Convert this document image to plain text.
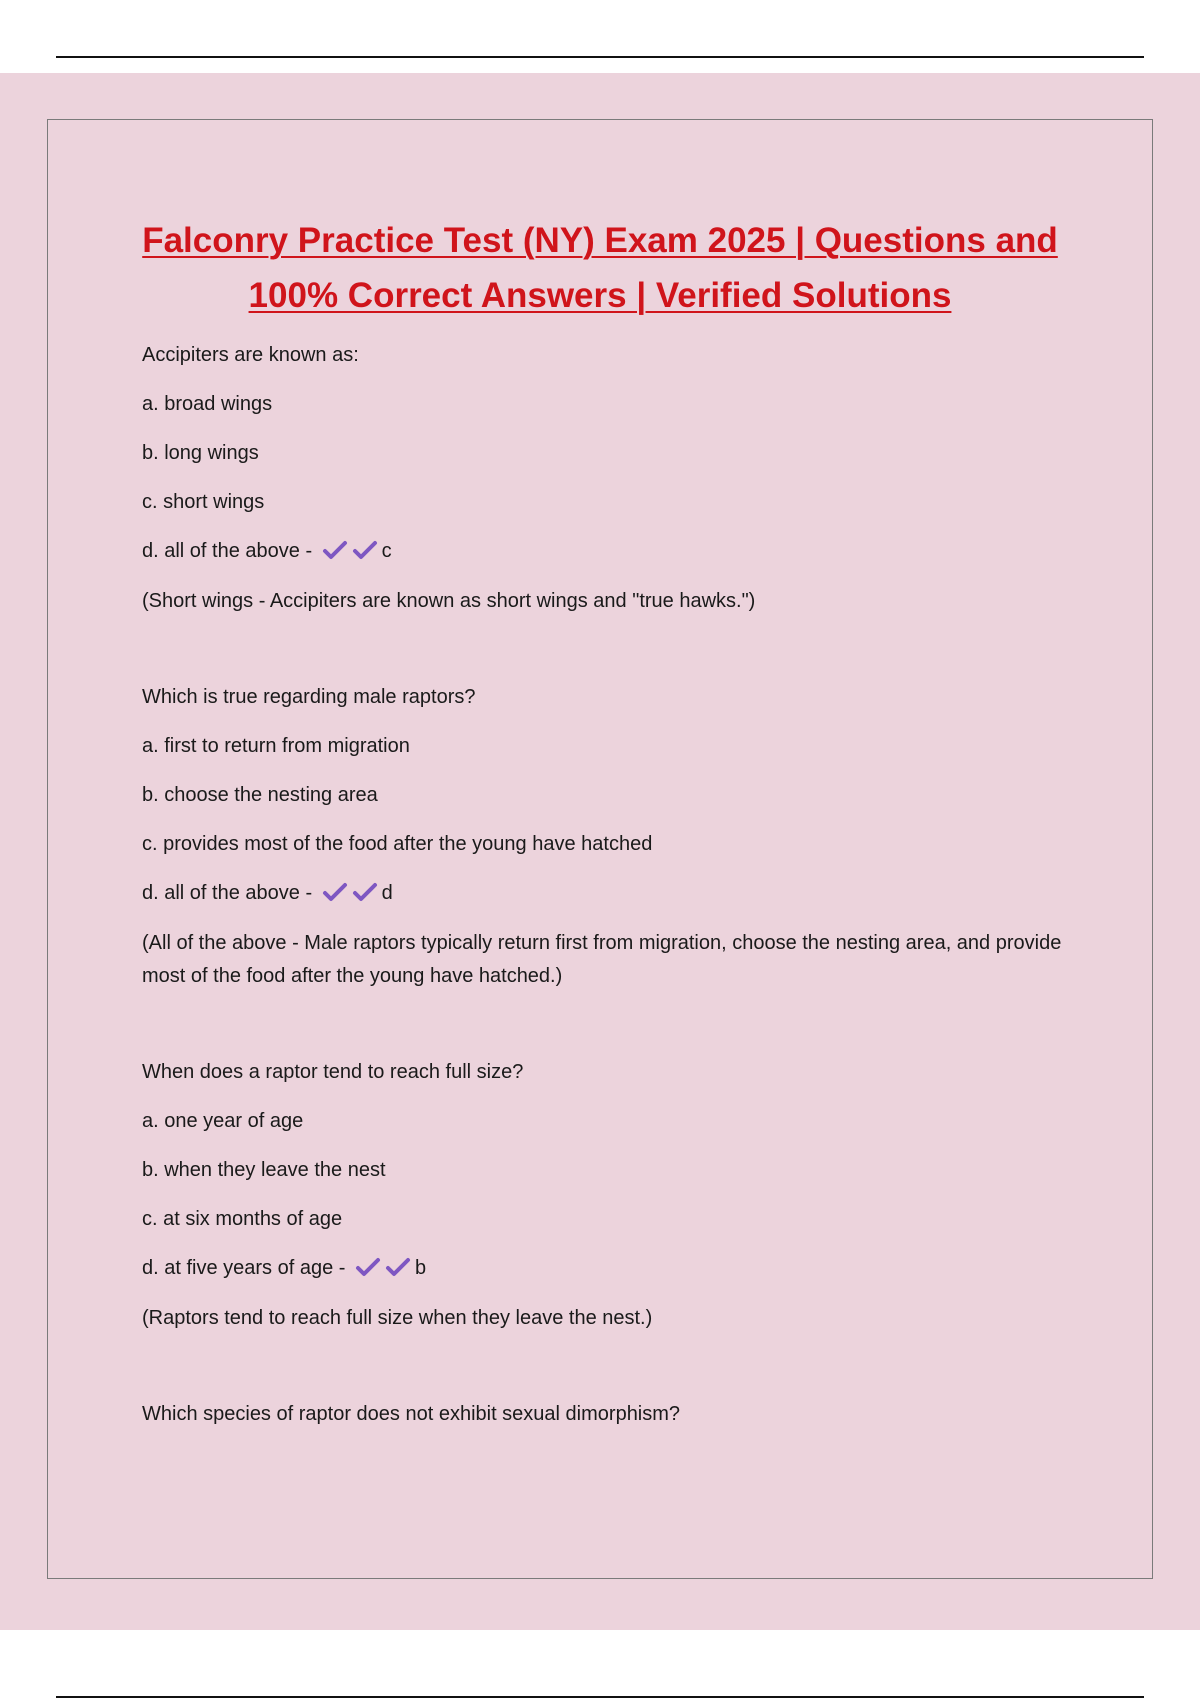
Falconry Practice Test (NY) Exam 2025 | Questions and
100% Correct Answers | Verified Solutions
Accipiters are known as:
a. broad wings
b. long wings
c. short wings
d. all of the above -	c
(Short wings - Accipiters are known as short wings and "true hawks.")
Which is true regarding male raptors?
a. first to return from migration
b. choose the nesting area
c. provides most of the food after the young have hatched
d. all of the above -	d
(All of the above - Male raptors typically return first from migration, choose the nesting area, and provide most of the food after the young have hatched.)
When does a raptor tend to reach full size?
a. one year of age
b. when they leave the nest
c. at six months of age
d. at five years of age -	b
(Raptors tend to reach full size when they leave the nest.)
Which species of raptor does not exhibit sexual dimorphism?
